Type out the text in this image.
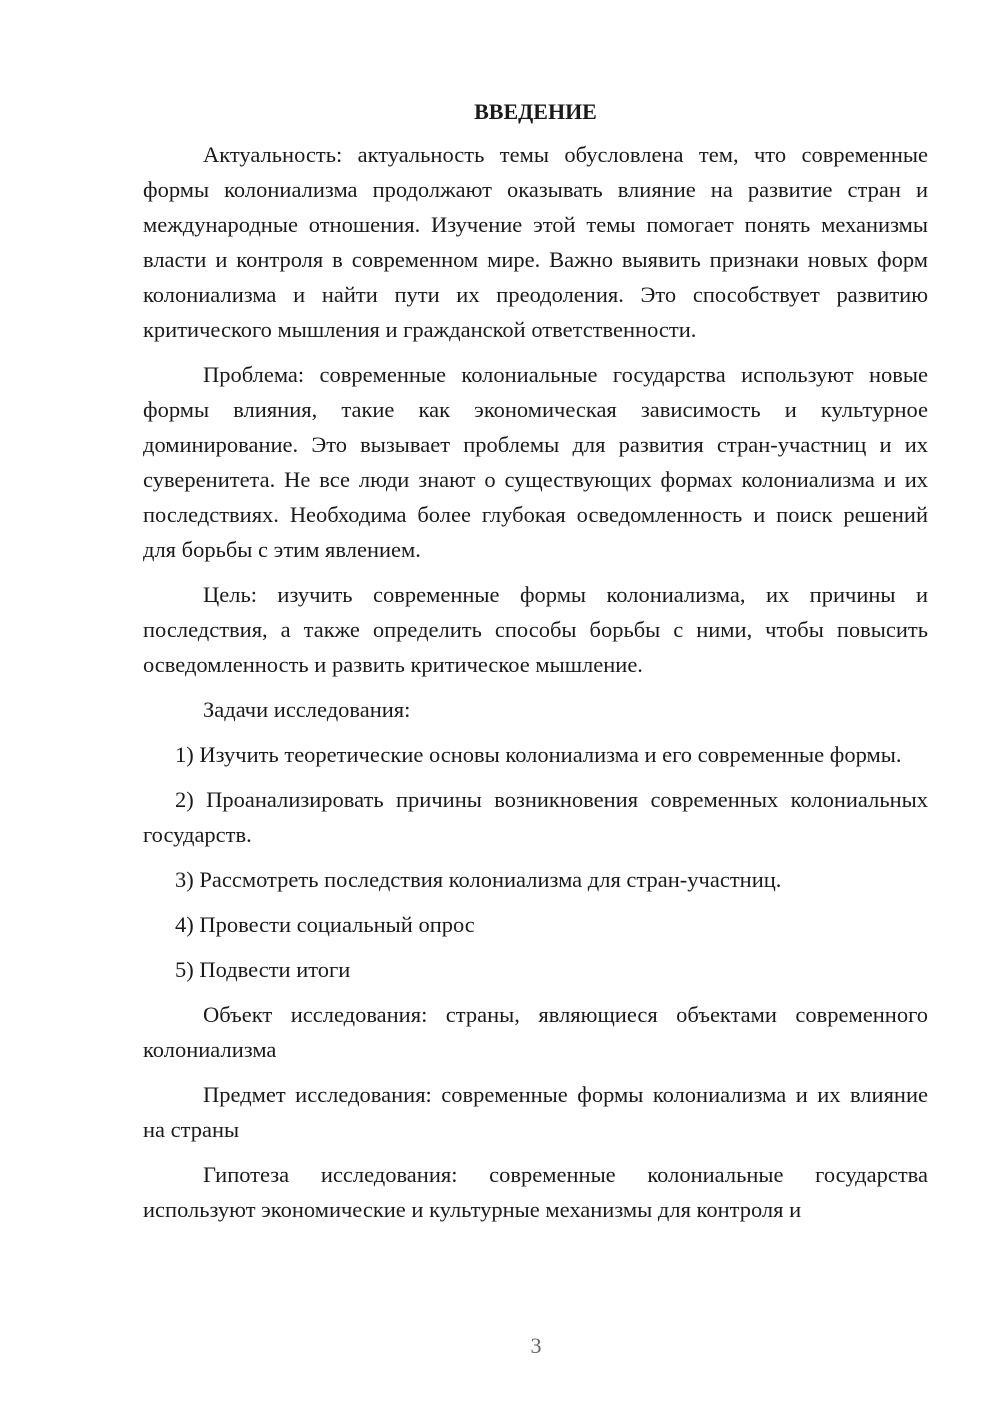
ВВЕДЕНИЕ

Актуальность: актуальность темы обусловлена тем, что современные формы колониализма продолжают оказывать влияние на развитие стран и международные отношения. Изучение этой темы помогает понять механизмы власти и контроля в современном мире. Важно выявить признаки новых форм колониализма и найти пути их преодоления. Это способствует развитию критического мышления и гражданской ответственности.

Проблема: современные колониальные государства используют новые формы влияния, такие как экономическая зависимость и культурное доминирование. Это вызывает проблемы для развития стран-участниц и их суверенитета. Не все люди знают о существующих формах колониализма и их последствиях. Необходима более глубокая осведомленность и поиск решений для борьбы с этим явлением.

Цель: изучить современные формы колониализма, их причины и последствия, а также определить способы борьбы с ними, чтобы повысить осведомленность и развить критическое мышление.

Задачи исследования:

1) Изучить теоретические основы колониализма и его современные формы.

2) Проанализировать причины возникновения современных колониальных государств.

3) Рассмотреть последствия колониализма для стран-участниц.

4) Провести социальный опрос

5) Подвести итоги

Объект исследования: страны, являющиеся объектами современного колониализма

Предмет исследования: современные формы колониализма и их влияние на страны

Гипотеза исследования: современные колониальные государства используют экономические и культурные механизмы для контроля и

3
